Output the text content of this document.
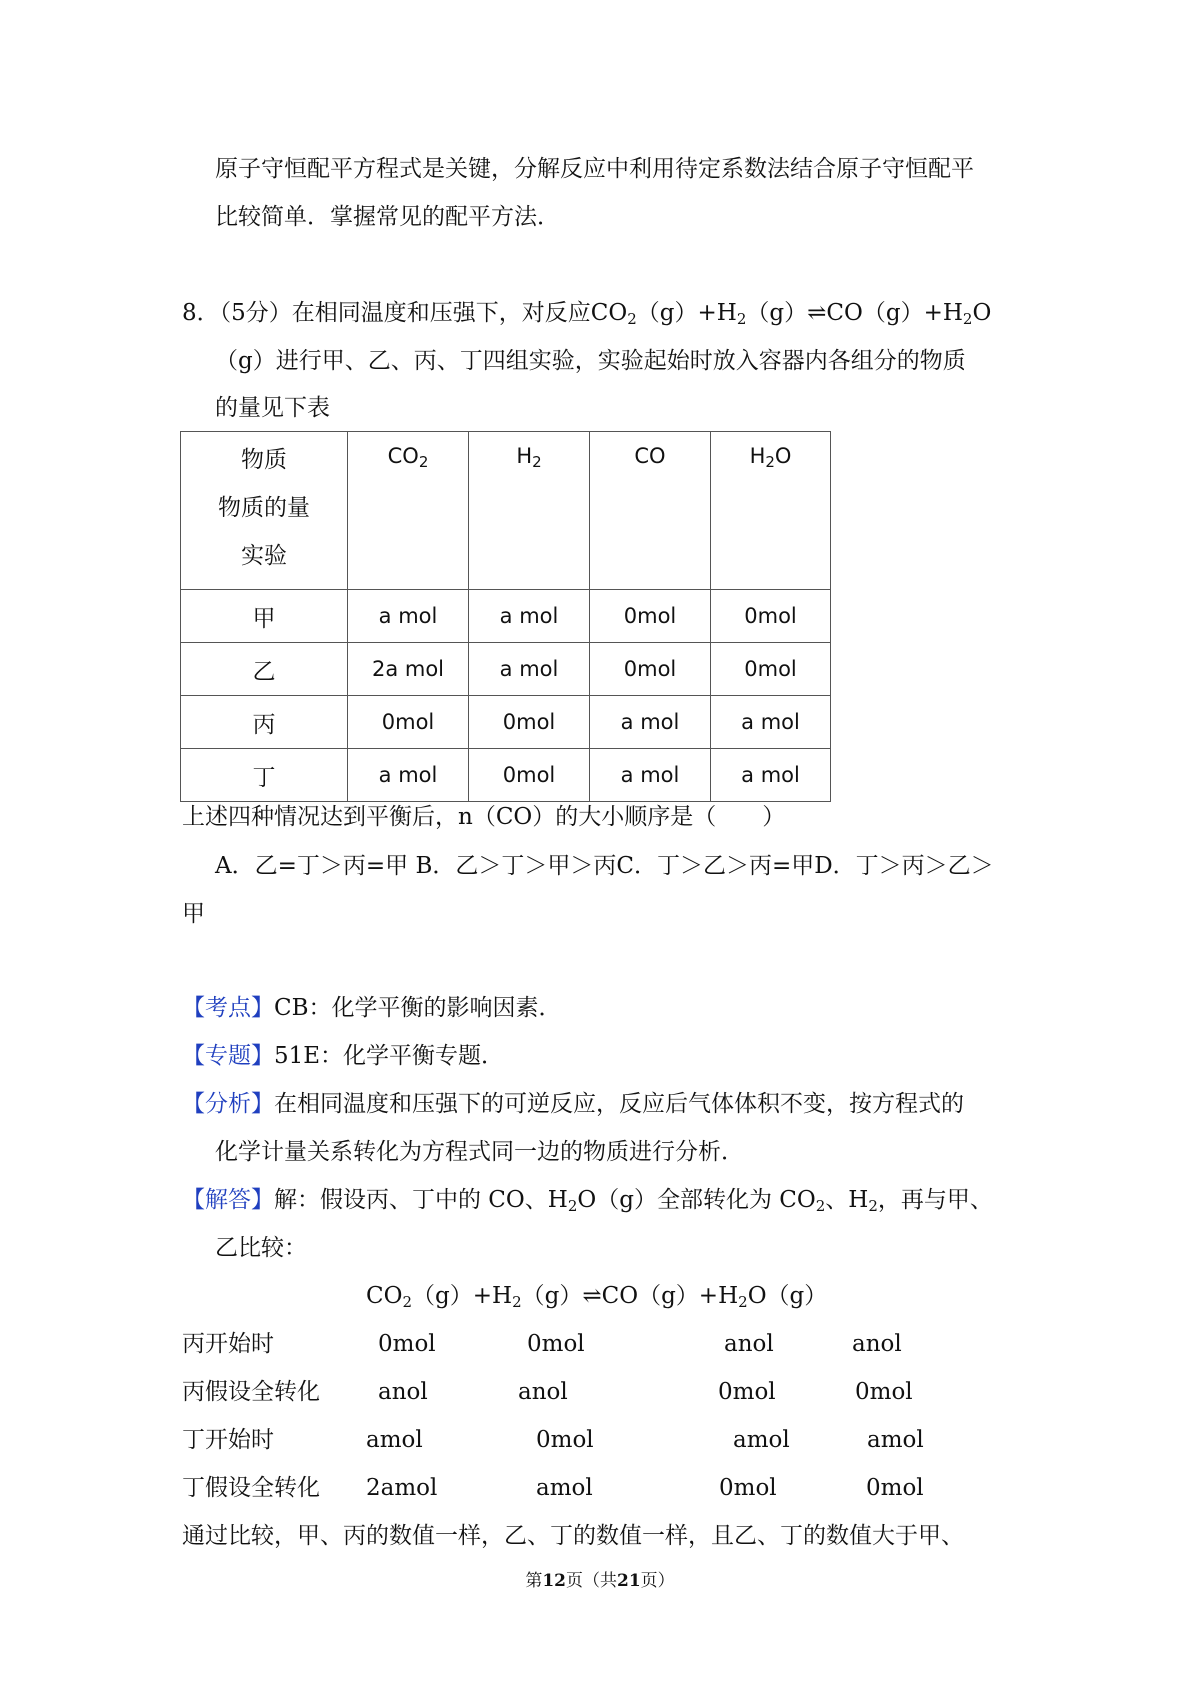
原子守恒配平方程式是关键，分解反应中利用待定系数法结合原子守恒配平
比较简单．掌握常见的配平方法．
8．（5分）在相同温度和压强下，对反应$CO_2(g)+H_2(g)\rightleftharpoons CO(g)+H_2O$
（g）进行甲、乙、丙、丁四组实验，实验起始时放入容器内各组分的物质
的量见下表
物质
物质的量
实验	$CO_2$	$H_2$	CO	$H_2O$
甲	a mol	a mol	0mol	0mol
乙	2a mol	a mol	0mol	0mol
丙	0mol	0mol	a mol	a mol
丁	a mol	0mol	a mol	a mol
上述四种情况达到平衡后，n（CO）的大小顺序是（　　）
A．乙=丁＞丙=甲 B．乙＞丁＞甲＞丙C．丁＞乙＞丙=甲D．丁＞丙＞乙＞
甲
【考点】CB：化学平衡的影响因素．
【专题】51E：化学平衡专题．
【分析】在相同温度和压强下的可逆反应，反应后气体体积不变，按方程式的
化学计量关系转化为方程式同一边的物质进行分析．
【解答】解：假设丙、丁中的 CO、$H_2O(g)$全部转化为 $CO_2$、$H_2$，再与甲、
乙比较：
$CO_2(g)+H_2(g)\rightleftharpoons CO(g)+H_2O(g)$
丙开始时	0mol	0mol	anol	anol
丙假设全转化	anol	anol	0mol	0mol
丁开始时	amol	0mol	amol	amol
丁假设全转化 2amol	amol	0mol	0mol
通过比较，甲、丙的数值一样，乙、丁的数值一样，且乙、丁的数值大于甲、
第12页（共21页）
